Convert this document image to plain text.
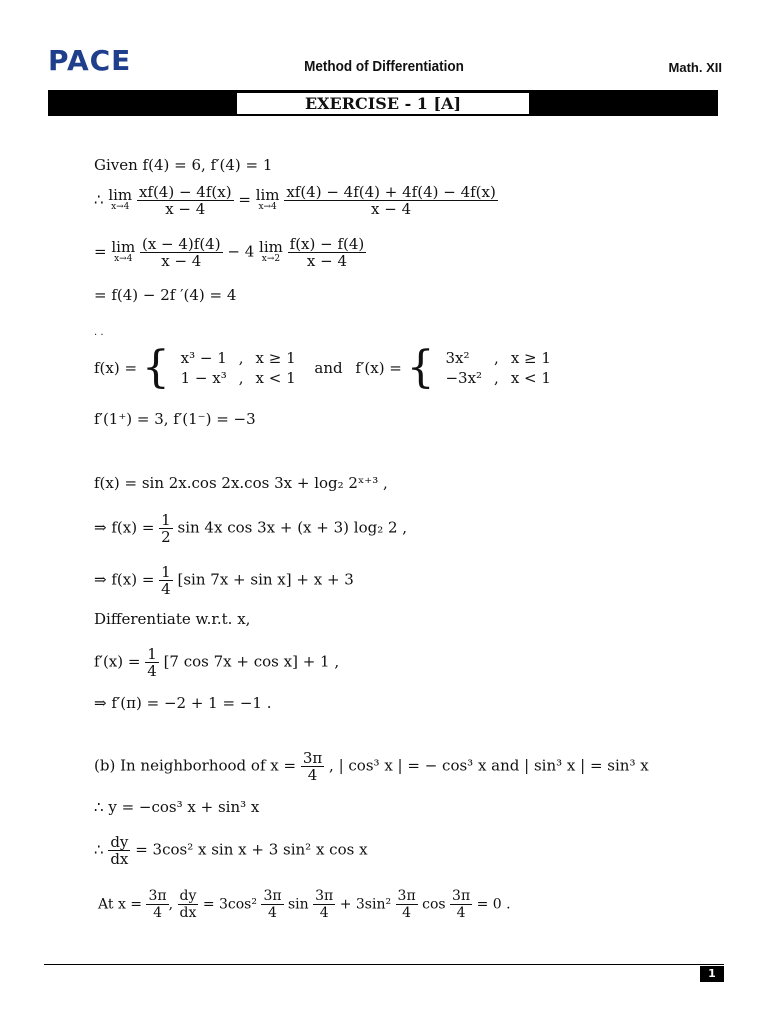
PACE	Method of Differentiation	Math. XII
EXERCISE - 1 [A]
Given f(4) = 6, f′(4) = 1
∴ lim
x→4
$\frac{xf(4) - 4f(x)}{x - 4} = \lim$
x→4
$\frac{xf(4) - 4f(4) + 4f(4) - 4f(x)}{x - 4}$
= lim
x→4
$\frac{(x - 4)f(4)}{x - 4} - 4$ lim
x→2
$\frac{f(x) - f(4)}{x - 4}$
= f(4) − 2f ′(4) = 4
. .
f(x) = { x³ − 1	,	x ≥ 1
1 − x³	,	x < 1 and f′(x) = { 3x²	,	x ≥ 1
−3x²	,	x < 1
f′(1⁺) = 3, f′(1⁻) = −3
f(x) = sin 2x.cos 2x.cos 3x + log₂ 2ˣ⁺³ ,
⇒ $f(x) = \frac{1}{2}$ sin 4x cos 3x + (x + 3) log₂ 2 ,
⇒ $f(x) = \frac{1}{4} [\sin$ 7x + sin x] + x + 3
Differentiate w.r.t. x,
$f'(x) = \frac{1}{4} [7$ cos 7x + cos x] + 1 ,
⇒ f′(π) = −2 + 1 = −1 .
(b) In neighborhood of $x = \frac{3\pi}{4}$ , | cos³ x | = − cos³ x and | sin³ x | = sin³ x
∴ y = −cos³ x + sin³ x
∴ $\frac{dy}{dx} = 3\cos^2$ x sin x + 3 sin² x cos x
At $x = \frac{3\pi}{4}$ , $\frac{dy}{dx} = 3\cos^2 \frac{3\pi}{4}$ $\sin \frac{3\pi}{4} + 3\sin^2 \frac{3\pi}{4}$ $\cos \frac{3\pi}{4} = 0$ .
1
